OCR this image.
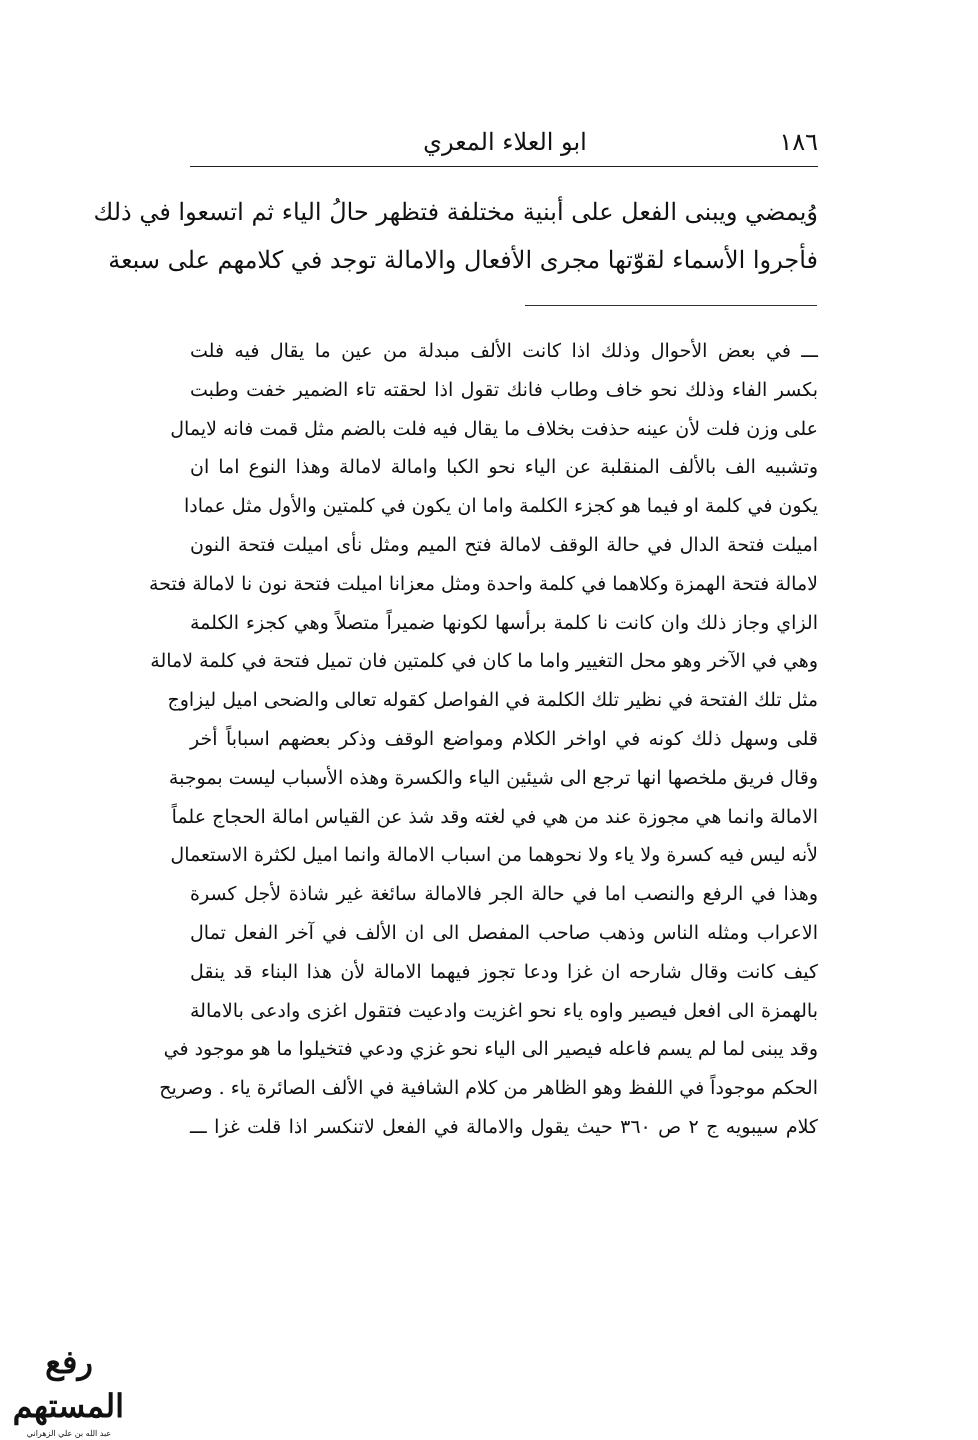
١٨٦
ابو العلاء المعري
وُيمضي ويبنى الفعل على أبنية مختلفة فتظهر حالُ الياء ثم اتسعوا في ذلك
فأجروا الأسماء لقوّتها مجرى الأفعال والامالة توجد في كلامهم على سبعة
ـــ في بعض الأحوال وذلك اذا كانت الألف مبدلة من عين ما يقال فيه فلت
بكسر الفاء وذلك نحو خاف وطاب فانك تقول اذا لحقته تاء الضمير خفت وطبت
على وزن فلت لأن عينه حذفت بخلاف ما يقال فيه فلت بالضم مثل قمت فانه لايمال
وتشبيه الف بالألف المنقلبة عن الياء نحو الكبا وامالة لامالة وهذا النوع اما ان
يكون في كلمة او فيما هو كجزء الكلمة واما ان يكون في كلمتين والأول مثل عمادا
اميلت فتحة الدال في حالة الوقف لامالة فتح الميم ومثل نأى اميلت فتحة النون
لامالة فتحة الهمزة وكلاهما في كلمة واحدة ومثل معزانا اميلت فتحة نون نا لامالة فتحة
الزاي وجاز ذلك وان كانت نا كلمة برأسها لكونها ضميراً متصلاً وهي كجزء الكلمة
وهي في الآخر وهو محل التغيير واما ما كان في كلمتين فان تميل فتحة في كلمة لامالة
مثل تلك الفتحة في نظير تلك الكلمة في الفواصل كقوله تعالى والضحى اميل ليزاوج
قلى وسهل ذلك كونه في اواخر الكلام ومواضع الوقف وذكر بعضهم اسباباً أخر
وقال فريق ملخصها انها ترجع الى شيئين الياء والكسرة وهذه الأسباب ليست بموجبة
الامالة وانما هي مجوزة عند من هي في لغته وقد شذ عن القياس امالة الحجاج علماً
لأنه ليس فيه كسرة ولا ياء ولا نحوهما من اسباب الامالة وانما اميل لكثرة الاستعمال
وهذا في الرفع والنصب اما في حالة الجر فالامالة سائغة غير شاذة لأجل كسرة
الاعراب ومثله الناس وذهب صاحب المفصل الى ان الألف في آخر الفعل تمال
كيف كانت وقال شارحه ان غزا ودعا تجوز فيهما الامالة لأن هذا البناء قد ينقل
بالهمزة الى افعل فيصير واوه ياء نحو اغزيت وادعيت فتقول اغزى وادعى بالامالة
وقد يبنى لما لم يسم فاعله فيصير الى الياء نحو غزي ودعي فتخيلوا ما هو موجود في
الحكم موجوداً في اللفظ وهو الظاهر من كلام الشافية في الألف الصائرة ياء . وصريح
كلام سيبويه ج ٢ ص ٣٦٠ حيث يقول والامالة في الفعل لاتنكسر اذا قلت غزا ـــ
رفع المستهم
عبد الله بن علي الزهراني
